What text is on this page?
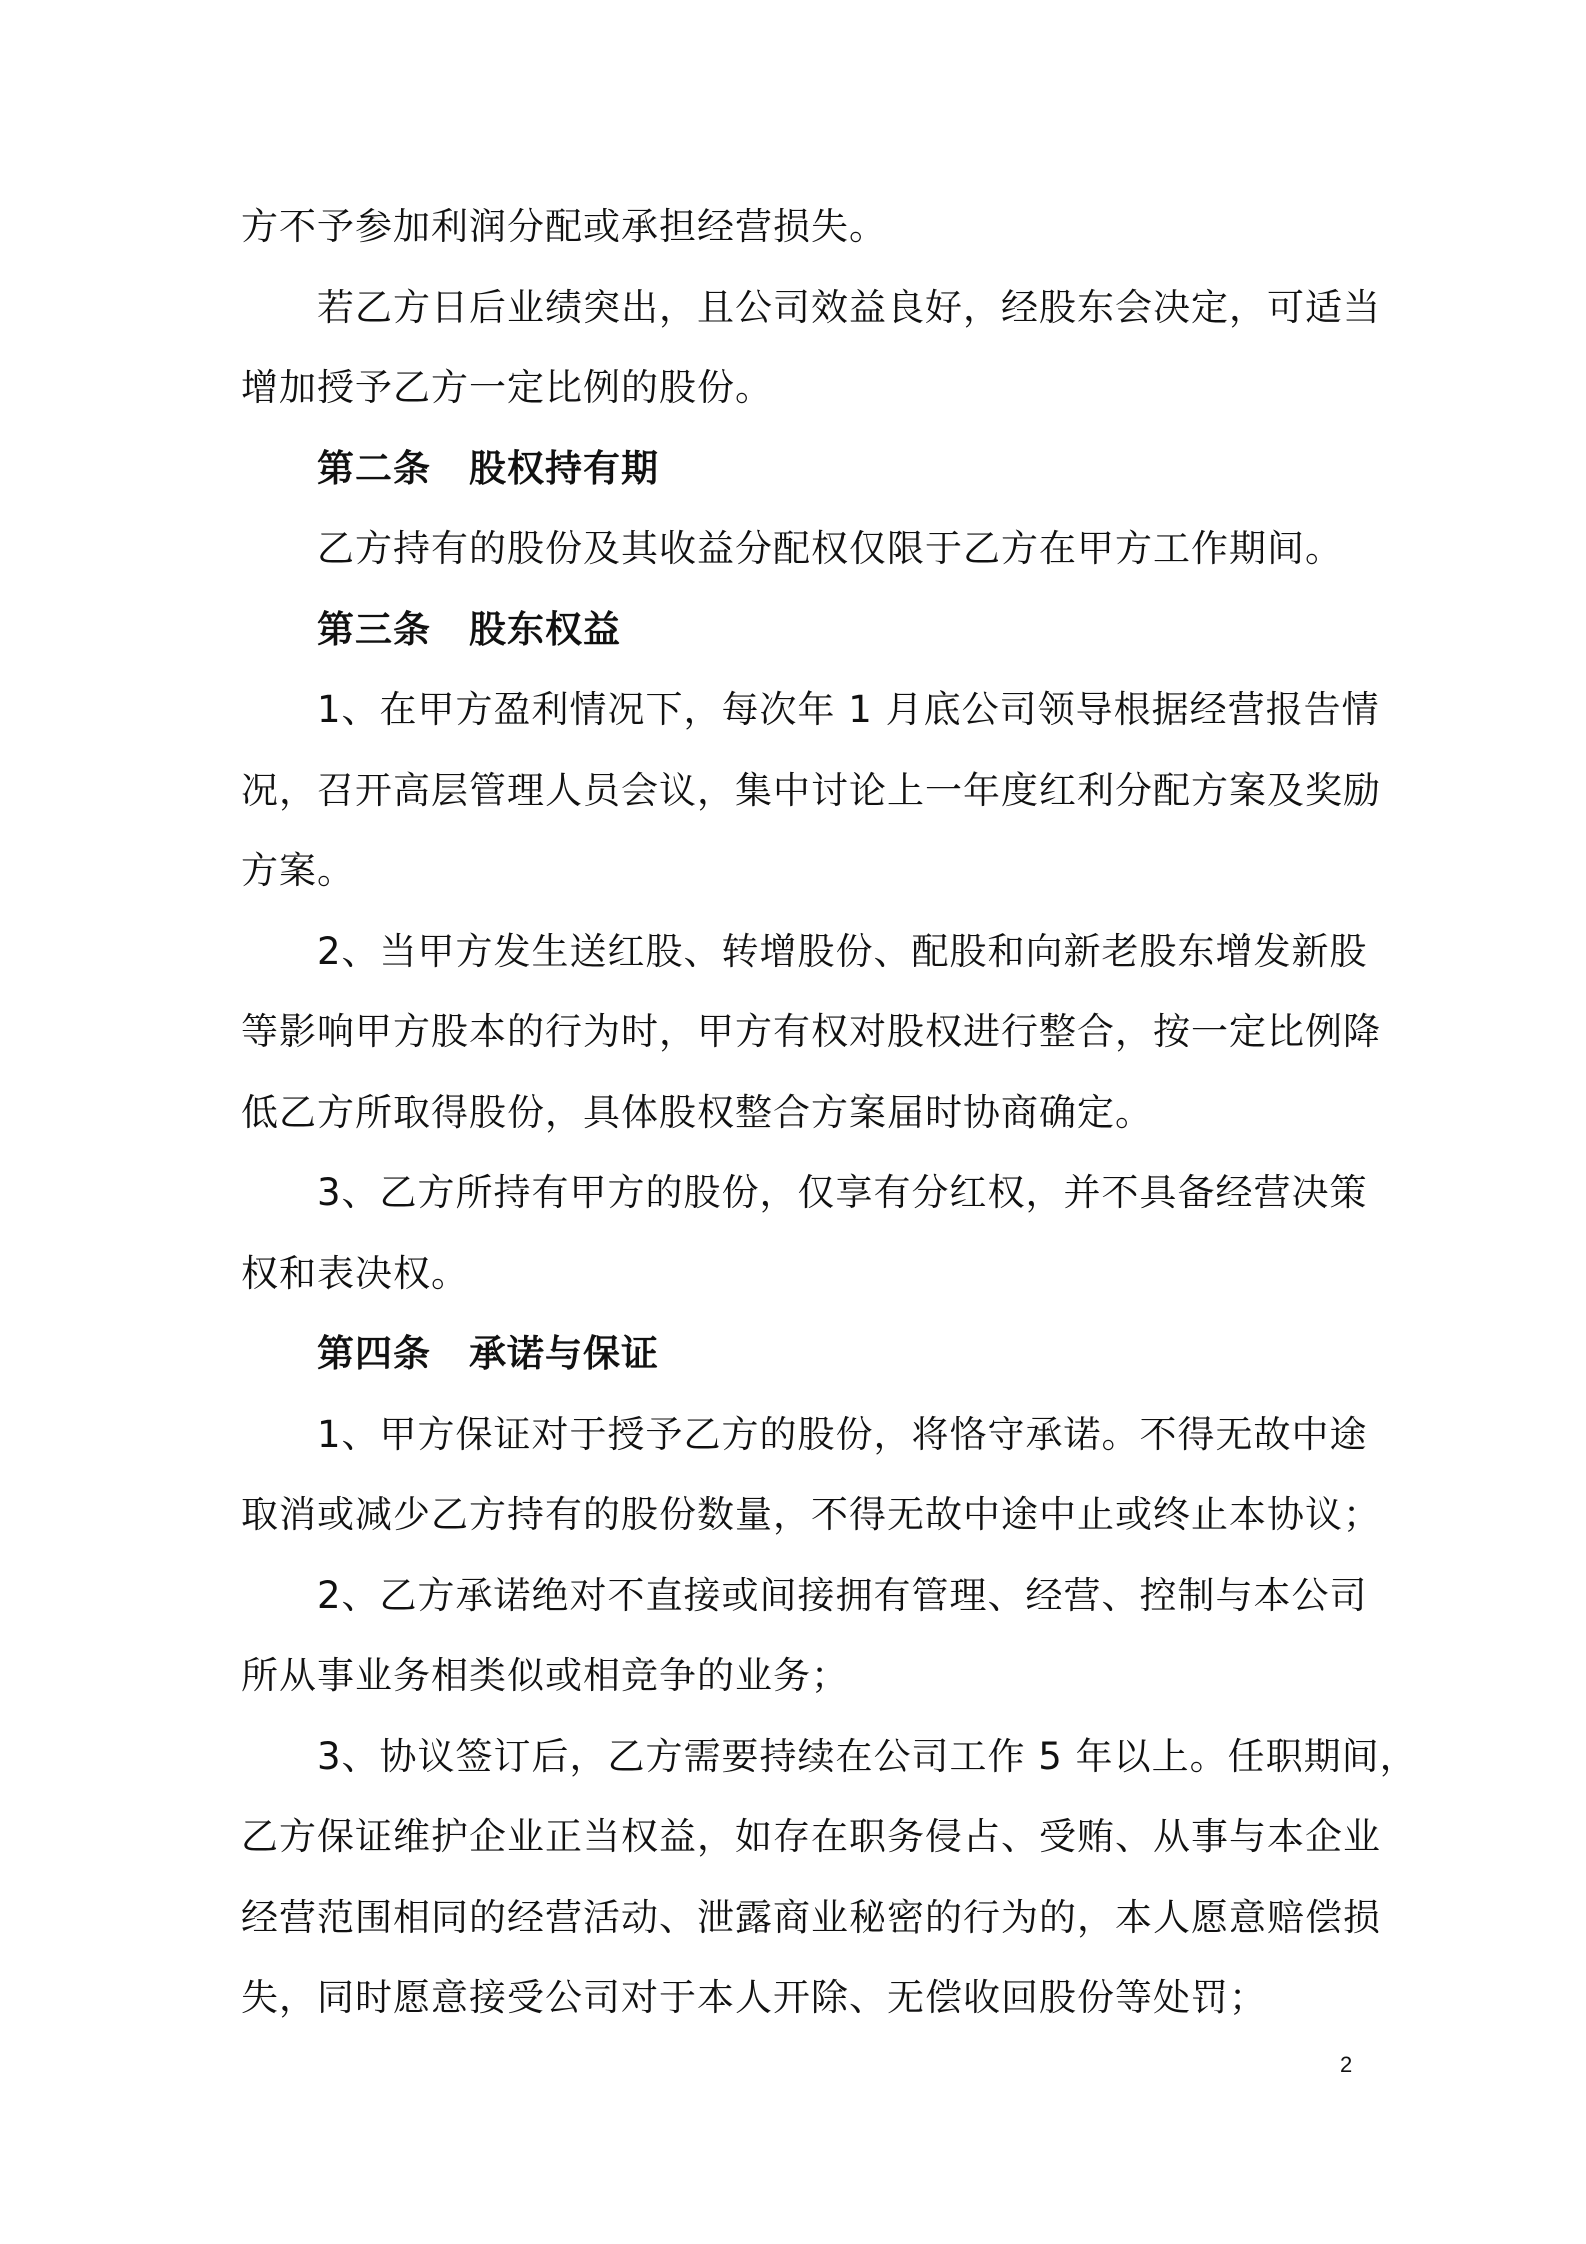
方不予参加利润分配或承担经营损失。

若乙方日后业绩突出，且公司效益良好，经股东会决定，可适当

增加授予乙方一定比例的股份。

第二条　股权持有期

乙方持有的股份及其收益分配权仅限于乙方在甲方工作期间。

第三条　股东权益

1、在甲方盈利情况下，每次年 1 月底公司领导根据经营报告情

况，召开高层管理人员会议，集中讨论上一年度红利分配方案及奖励

方案。

2、当甲方发生送红股、转增股份、配股和向新老股东增发新股

等影响甲方股本的行为时，甲方有权对股权进行整合，按一定比例降

低乙方所取得股份，具体股权整合方案届时协商确定。

3、乙方所持有甲方的股份，仅享有分红权，并不具备经营决策

权和表决权。

第四条　承诺与保证

1、甲方保证对于授予乙方的股份，将恪守承诺。不得无故中途

取消或减少乙方持有的股份数量，不得无故中途中止或终止本协议；

2、乙方承诺绝对不直接或间接拥有管理、经营、控制与本公司

所从事业务相类似或相竞争的业务；

3、协议签订后，乙方需要持续在公司工作 5 年以上。任职期间，

乙方保证维护企业正当权益，如存在职务侵占、受贿、从事与本企业

经营范围相同的经营活动、泄露商业秘密的行为的，本人愿意赔偿损

失，同时愿意接受公司对于本人开除、无偿收回股份等处罚；

2
